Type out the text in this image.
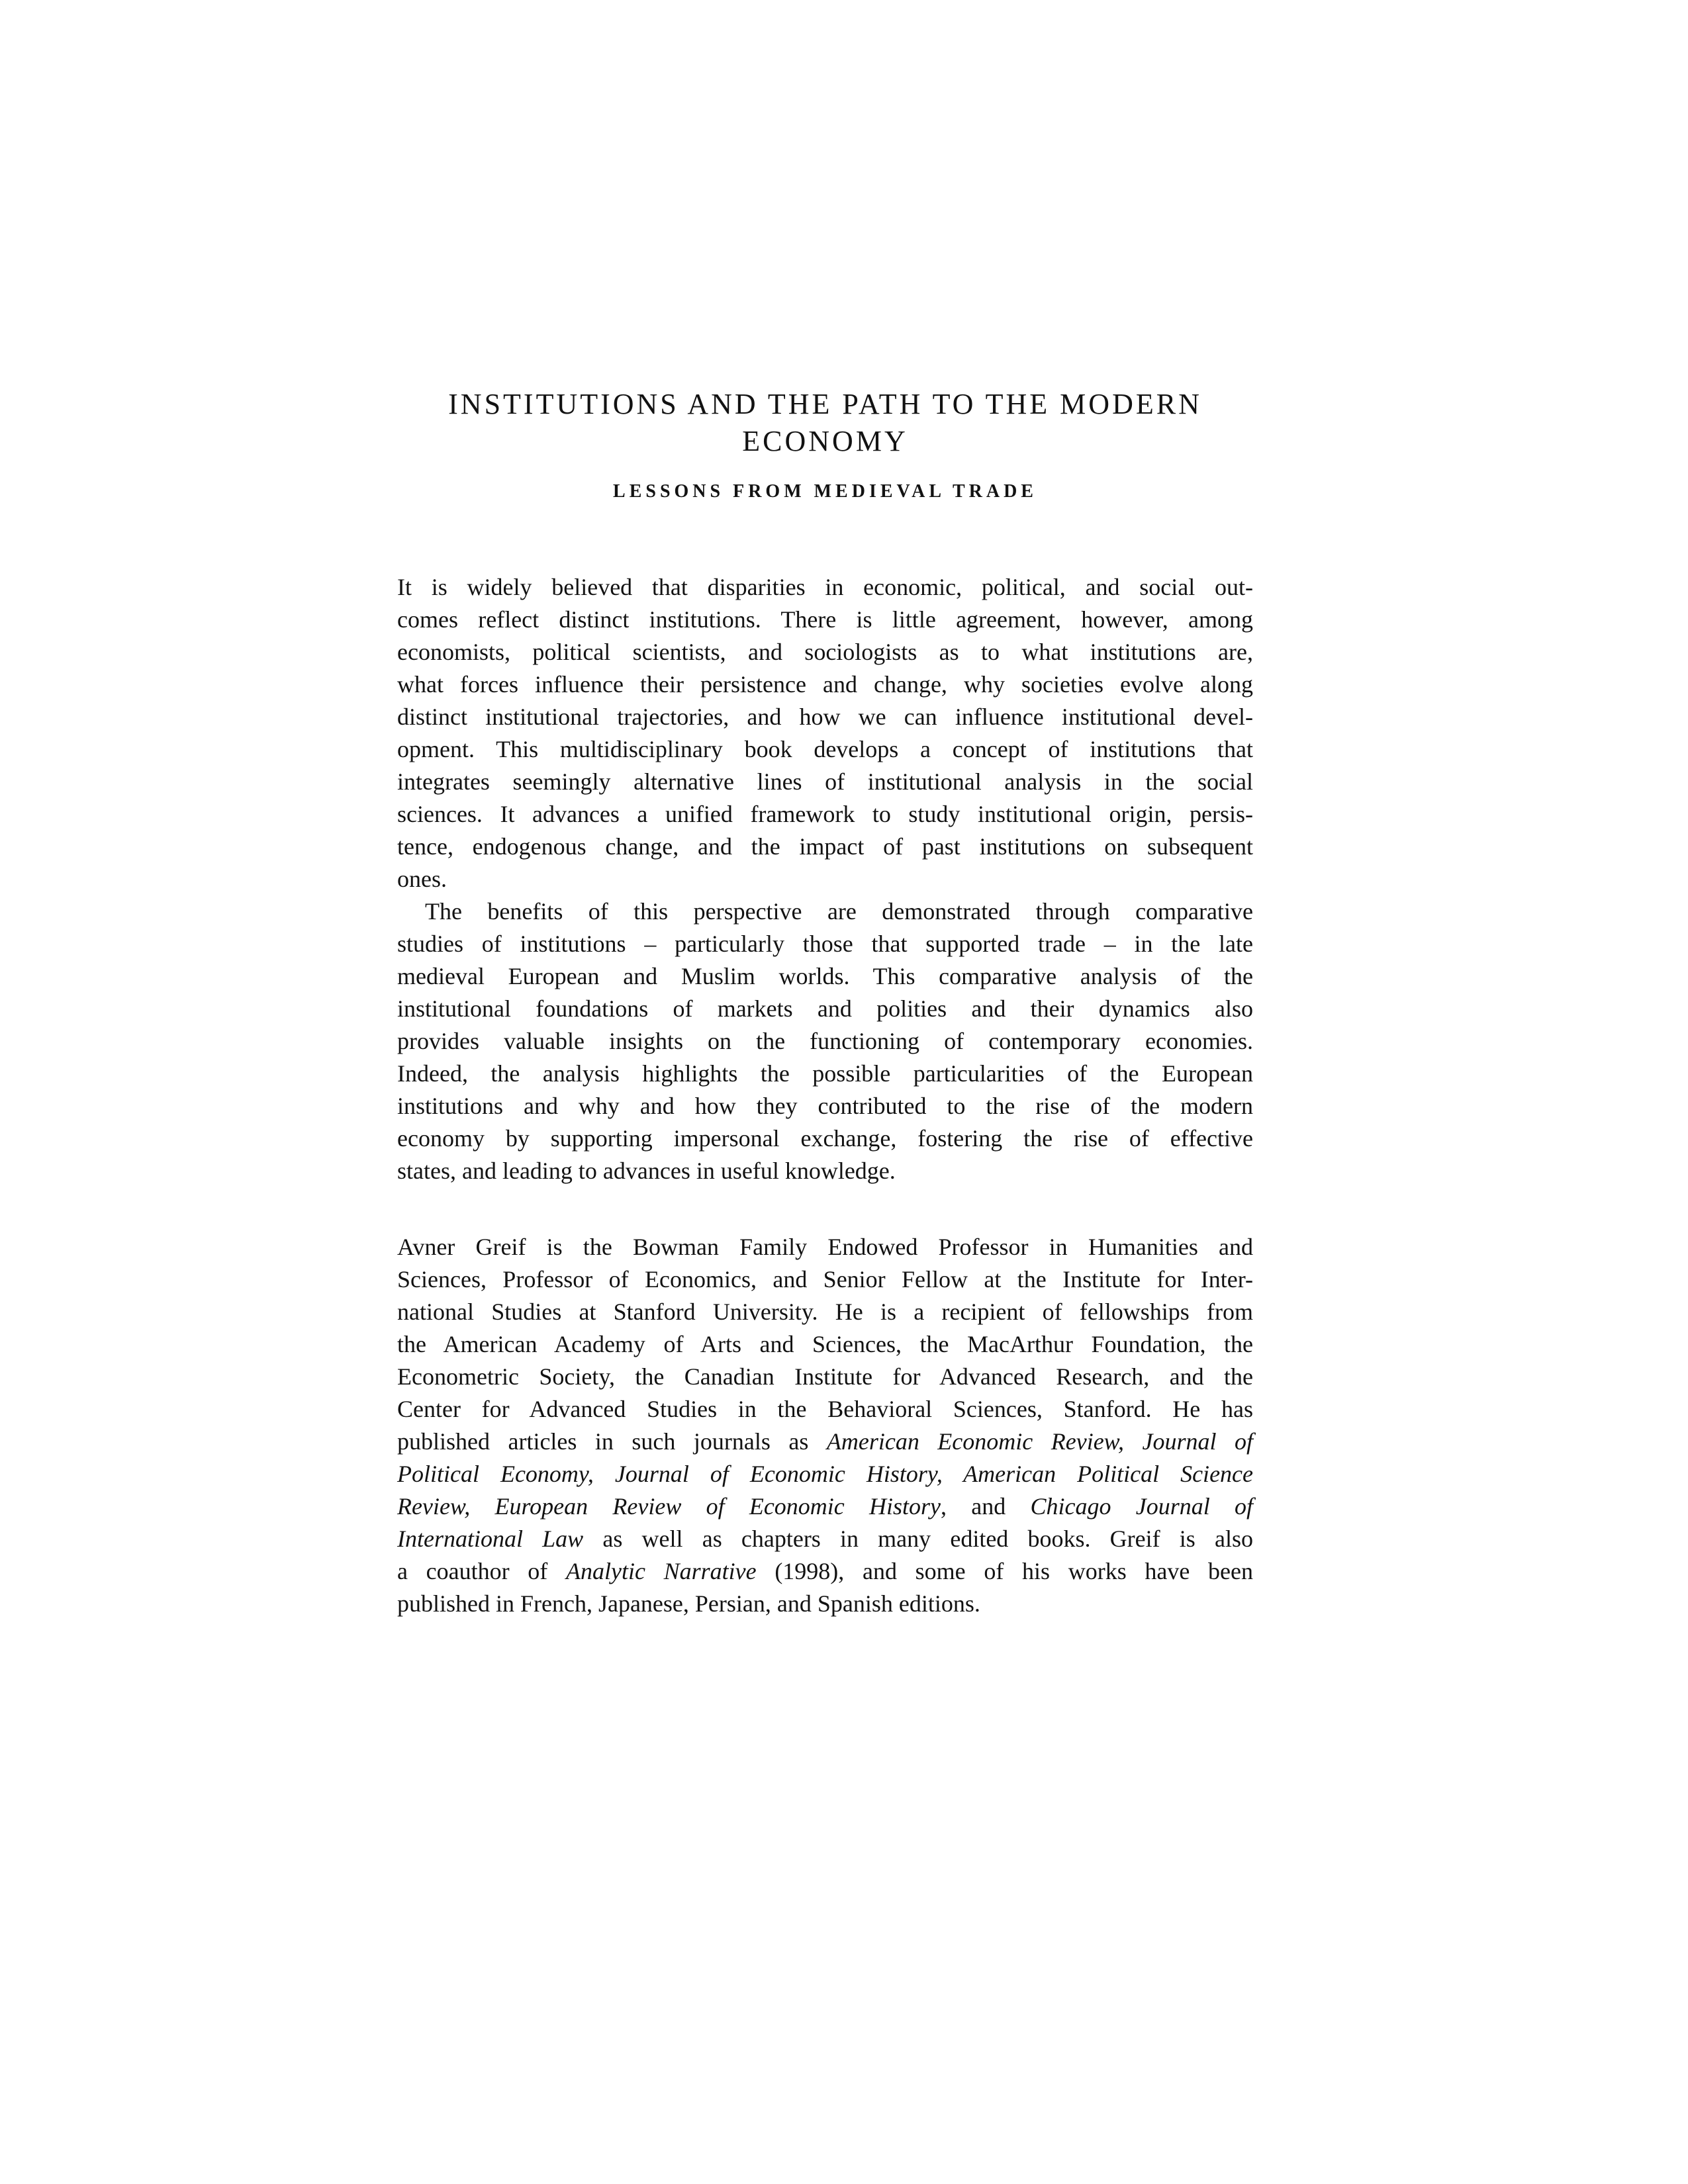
INSTITUTIONS AND THE PATH TO THE MODERN
ECONOMY
LESSONS FROM MEDIEVAL TRADE
It is widely believed that disparities in economic, political, and social out-
comes reflect distinct institutions. There is little agreement, however, among
economists, political scientists, and sociologists as to what institutions are,
what forces influence their persistence and change, why societies evolve along
distinct institutional trajectories, and how we can influence institutional devel-
opment. This multidisciplinary book develops a concept of institutions that
integrates seemingly alternative lines of institutional analysis in the social
sciences. It advances a unified framework to study institutional origin, persis-
tence, endogenous change, and the impact of past institutions on subsequent
ones.
The benefits of this perspective are demonstrated through comparative
studies of institutions – particularly those that supported trade – in the late
medieval European and Muslim worlds. This comparative analysis of the
institutional foundations of markets and polities and their dynamics also
provides valuable insights on the functioning of contemporary economies.
Indeed, the analysis highlights the possible particularities of the European
institutions and why and how they contributed to the rise of the modern
economy by supporting impersonal exchange, fostering the rise of effective
states, and leading to advances in useful knowledge.
Avner Greif is the Bowman Family Endowed Professor in Humanities and
Sciences, Professor of Economics, and Senior Fellow at the Institute for Inter-
national Studies at Stanford University. He is a recipient of fellowships from
the American Academy of Arts and Sciences, the MacArthur Foundation, the
Econometric Society, the Canadian Institute for Advanced Research, and the
Center for Advanced Studies in the Behavioral Sciences, Stanford. He has
published articles in such journals as American Economic Review, Journal of
Political Economy, Journal of Economic History, American Political Science
Review, European Review of Economic History, and Chicago Journal of
International Law as well as chapters in many edited books. Greif is also
a coauthor of Analytic Narrative (1998), and some of his works have been
published in French, Japanese, Persian, and Spanish editions.
